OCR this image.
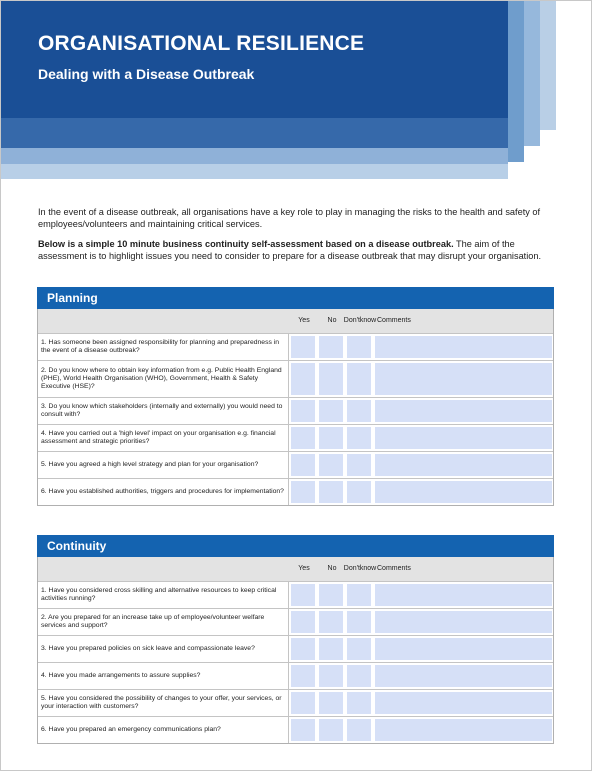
ORGANISATIONAL RESILIENCE
Dealing with a Disease Outbreak

In the event of a disease outbreak, all organisations have a key role to play in managing the risks to the health and safety of employees/volunteers and maintaining critical services.

Below is a simple 10 minute business continuity self-assessment based on a disease outbreak. The aim of the assessment is to highlight issues you need to consider to prepare for a disease outbreak that may disrupt your organisation.

Planning
Yes	No	Don't know Comments
1. Has someone been assigned responsibility for planning and preparedness in the event of a disease outbreak?
2. Do you know where to obtain key information from e.g. Public Health England (PHE), World Health Organisation (WHO), Government, Health & Safety Executive (HSE)?
3. Do you know which stakeholders (internally and externally) you would need to consult with?
4. Have you carried out a 'high level' impact on your organisation e.g. financial assessment and strategic priorities?
5. Have you agreed a high level strategy and plan for your organisation?
6. Have you established authorities, triggers and procedures for implementation?
Continuity
Yes	No	Don't know Comments
1. Have you considered cross skilling and alternative resources to keep critical activities running?
2. Are you prepared for an increase take up of employee/volunteer welfare services and support?
3. Have you prepared policies on sick leave and compassionate leave?
4. Have you made arrangements to assure supplies?
5. Have you considered the possibility of changes to your offer, your services, or your interaction with customers?
6. Have you prepared an emergency communications plan?
